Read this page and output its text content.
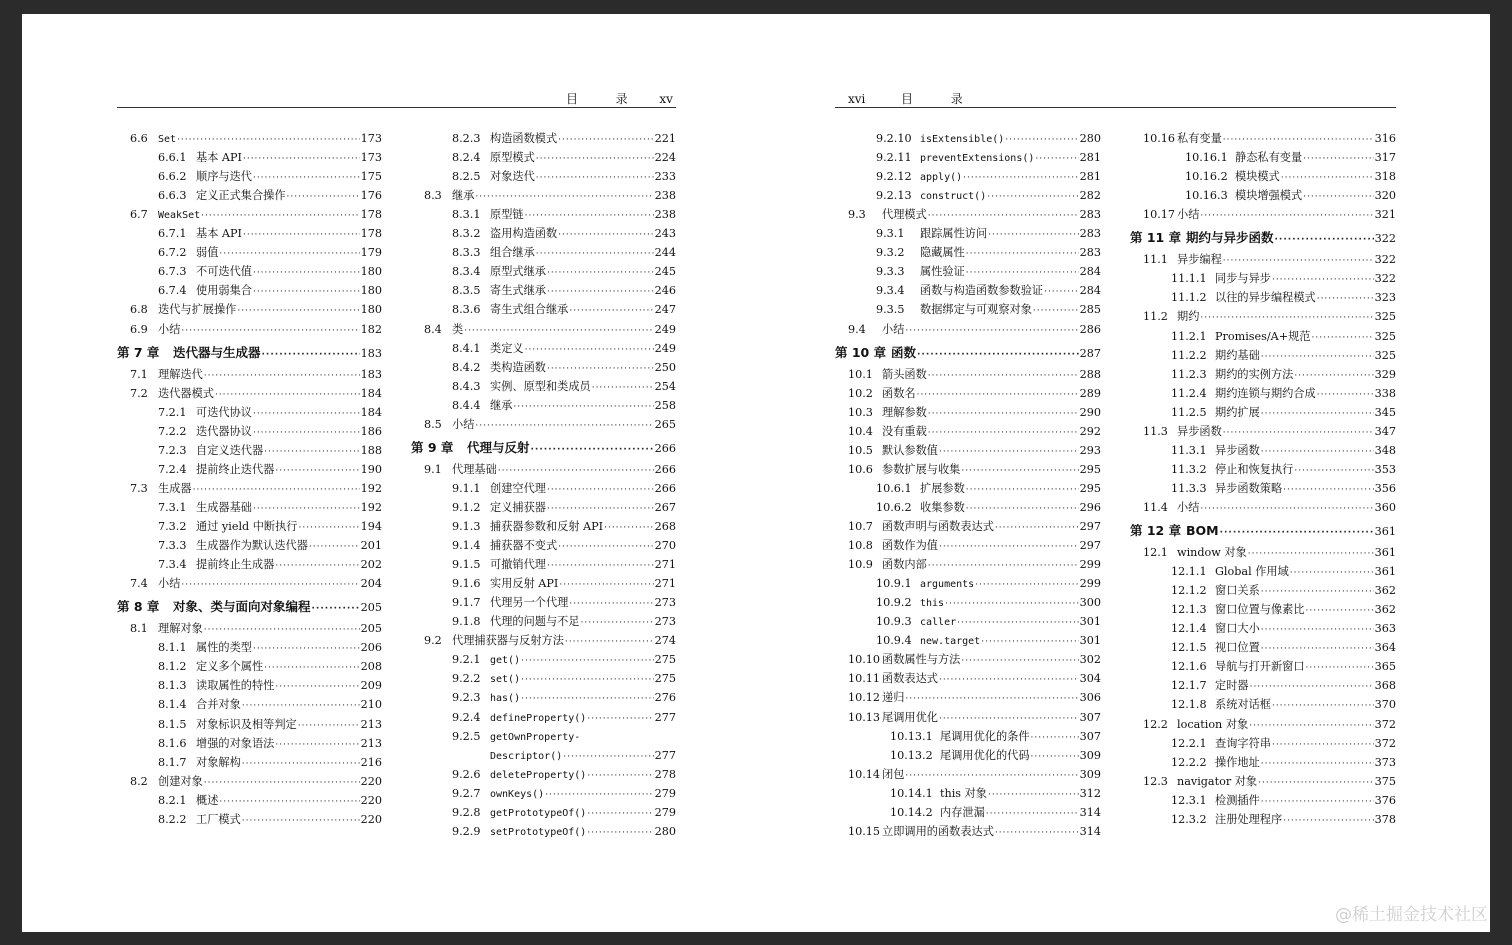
目	录	xv	xvi	目	录
6.6	Set ·····	173
6.6.1 基本 API ·····	173
6.6.2 顺序与迭代 ·····	175
6.6.3 定义正式集合操作 ·····	176
6.7	WeakSet ·····	178
6.7.1 基本 API ·····	178
6.7.2 弱值 ·····	179
6.7.3 不可迭代值 ·····	180
6.7.4 使用弱集合 ·····	180
6.8 迭代与扩展操作 ·····	180
6.9 小结 ·····	182
第 7 章	迭代器与生成器 ·····	183
7.1 理解迭代 ·····	183
7.2 迭代器模式 ·····	184
7.2.1 可迭代协议 ·····	184
7.2.2 迭代器协议 ·····	186
7.2.3 自定义迭代器 ·····	188
7.2.4 提前终止迭代器 ·····	190
7.3 生成器 ·····	192
7.3.1 生成器基础 ·····	192
7.3.2 通过 yield 中断执行 ·····	194
7.3.3 生成器作为默认迭代器 ·····	201
7.3.4 提前终止生成器 ·····	202
7.4 小结 ·····	204
第 8 章	对象、类与面向对象编程 ·····	205
8.1 理解对象 ·····	205
8.1.1 属性的类型 ·····	206
8.1.2 定义多个属性 ·····	208
8.1.3 读取属性的特性 ·····	209
8.1.4 合并对象 ·····	210
8.1.5 对象标识及相等判定 ·····	213
8.1.6 增强的对象语法 ·····	213
8.1.7 对象解构 ·····	216
8.2 创建对象 ·····	220
8.2.1 概述 ·····	220
8.2.2 工厂模式 ·····	220
8.2.3 构造函数模式 ·····	221
8.2.4 原型模式 ·····	224
8.2.5 对象迭代 ·····	233
8.3 继承 ·····	238
8.3.1 原型链 ·····	238
8.3.2 盗用构造函数 ·····	243
8.3.3 组合继承 ·····	244
8.3.4 原型式继承 ·····	245
8.3.5 寄生式继承 ·····	246
8.3.6 寄生式组合继承 ·····	247
8.4 类 ·····	249
8.4.1 类定义 ·····	249
8.4.2 类构造函数 ·····	250
8.4.3 实例、原型和类成员 ·····	254
8.4.4 继承 ·····	258
8.5 小结 ·····	265
第 9 章	代理与反射 ·····	266
9.1 代理基础 ·····	266
9.1.1 创建空代理 ·····	266
9.1.2 定义捕获器 ·····	267
9.1.3 捕获器参数和反射 API ·····	268
9.1.4 捕获器不变式 ·····	270
9.1.5 可撤销代理 ·····	271
9.1.6 实用反射 API ·····	271
9.1.7 代理另一个代理 ·····	273
9.1.8 代理的问题与不足 ·····	273
9.2 代理捕获器与反射方法 ·····	274
9.2.1 get() ·····	275
9.2.2 set() ·····	275
9.2.3 has() ·····	276
9.2.4 defineProperty() ·····	277
9.2.5 getOwnProperty-
Descriptor() ·····	277
9.2.6 deleteProperty() ·····	278
9.2.7 ownKeys() ·····	279
9.2.8 getPrototypeOf() ·····	279
9.2.9 setPrototypeOf() ·····	280
9.2.10 isExtensible() ·····	280
9.2.11 preventExtensions() ·····	281
9.2.12 apply() ·····	281
9.2.13 construct() ·····	282
9.3	代理模式 ·····	283
9.3.1	跟踪属性访问 ·····	283
9.3.2	隐藏属性 ·····	283
9.3.3	属性验证 ·····	284
9.3.4	函数与构造函数参数验证 ·····	284
9.3.5	数据绑定与可观察对象 ·····	285
9.4	小结 ·····	286
第 10 章 函数 ·····	287
10.1 箭头函数 ·····	288
10.2 函数名 ·····	289
10.3 理解参数 ·····	290
10.4 没有重载 ·····	292
10.5 默认参数值 ·····	293
10.6 参数扩展与收集 ·····	295
10.6.1 扩展参数 ·····	295
10.6.2 收集参数 ·····	296
10.7 函数声明与函数表达式 ·····	297
10.8 函数作为值 ·····	297
10.9 函数内部 ·····	299
10.9.1 arguments ·····	299
10.9.2 this ·····	300
10.9.3 caller ·····	301
10.9.4 new.target ·····	301
10.10 函数属性与方法 ·····	302
10.11 函数表达式 ·····	304
10.12 递归 ·····	306
10.13 尾调用优化 ·····	307
10.13.1 尾调用优化的条件 ·····	307
10.13.2 尾调用优化的代码 ·····	309
10.14 闭包 ·····	309
10.14.1 this 对象 ·····	312
10.14.2 内存泄漏 ·····	314
10.15 立即调用的函数表达式 ·····	314
10.16 私有变量 ·····	316
10.16.1 静态私有变量 ·····	317
10.16.2 模块模式 ·····	318
10.16.3 模块增强模式 ·····	320
10.17 小结 ·····	321
第 11 章 期约与异步函数 ·····	322
11.1 异步编程 ·····	322
11.1.1 同步与异步 ·····	322
11.1.2 以往的异步编程模式 ·····	323
11.2 期约 ·····	325
11.2.1 Promises/A+规范 ·····	325
11.2.2 期约基础 ·····	325
11.2.3 期约的实例方法 ·····	329
11.2.4 期约连锁与期约合成 ·····	338
11.2.5 期约扩展 ·····	345
11.3 异步函数 ·····	347
11.3.1 异步函数 ·····	348
11.3.2 停止和恢复执行 ·····	353
11.3.3 异步函数策略 ·····	356
11.4 小结 ·····	360
第 12 章 BOM ·····	361
12.1 window 对象 ·····	361
12.1.1 Global 作用域 ·····	361
12.1.2 窗口关系 ·····	362
12.1.3 窗口位置与像素比 ·····	362
12.1.4 窗口大小 ·····	363
12.1.5 视口位置 ·····	364
12.1.6 导航与打开新窗口 ·····	365
12.1.7 定时器 ·····	368
12.1.8 系统对话框 ·····	370
12.2 location 对象 ·····	372
12.2.1 查询字符串 ·····	372
12.2.2 操作地址 ·····	373
12.3 navigator 对象 ·····	375
12.3.1 检测插件 ·····	376
12.3.2 注册处理程序 ·····	378
@稀土掘金技术社区
